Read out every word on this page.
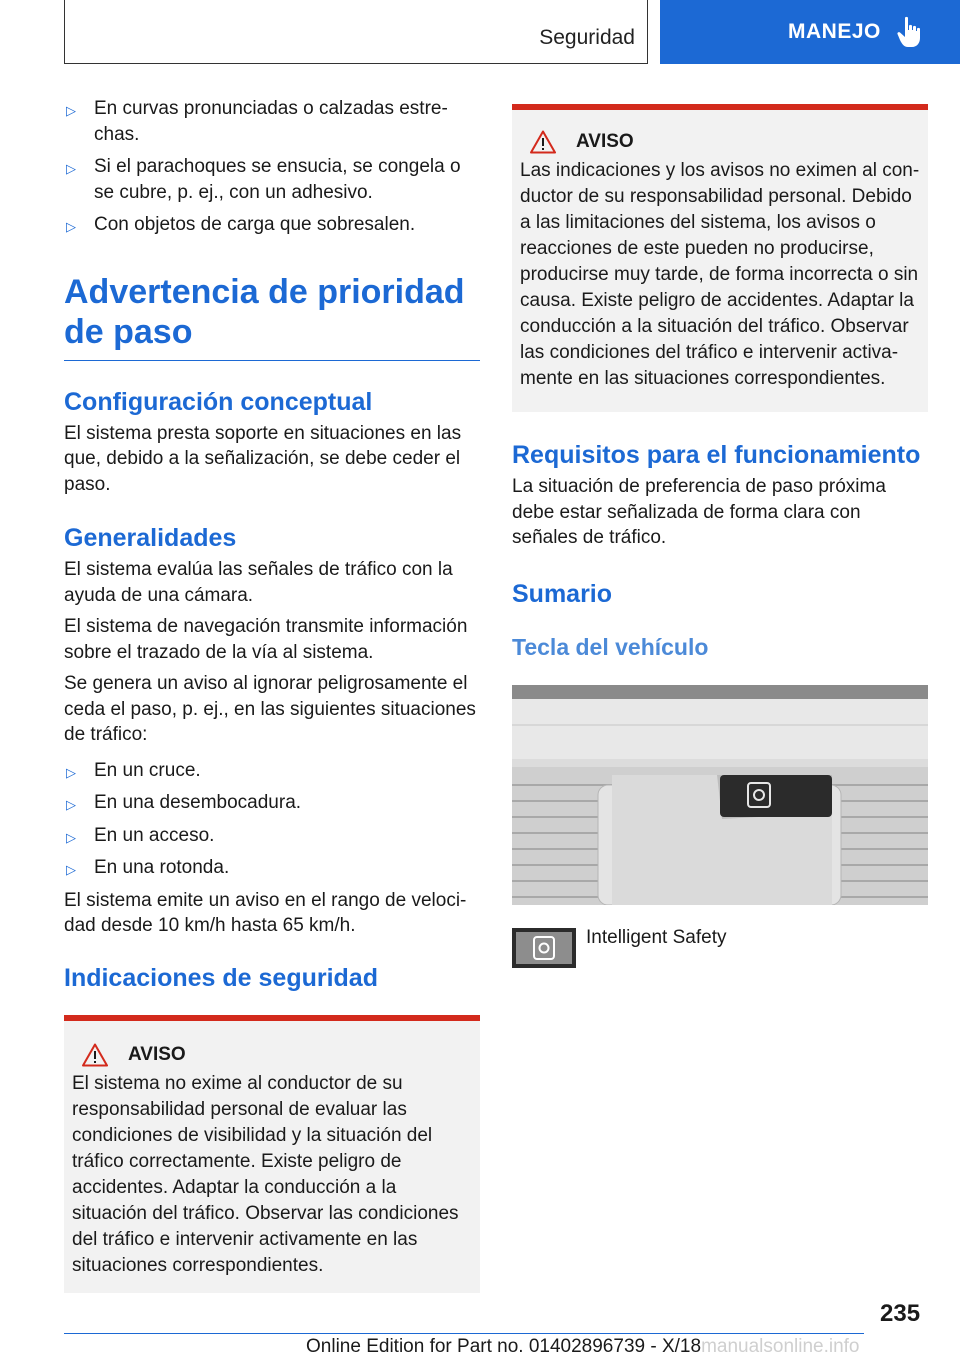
Seguridad	MANEJO
▷ En curvas pronunciadas o calzadas estrechas.
▷ Si el parachoques se ensucia, se congela o se cubre, p. ej., con un adhesivo.
▷ Con objetos de carga que sobresalen.
Advertencia de prioridad de paso
Configuración conceptual

El sistema presta soporte en situaciones en las que, debido a la señalización, se debe ceder el paso.

Generalidades

El sistema evalúa las señales de tráfico con la ayuda de una cámara.

El sistema de navegación transmite información sobre el trazado de la vía al sistema.

Se genera un aviso al ignorar peligrosamente el ceda el paso, p. ej., en las siguientes situaciones de tráfico:

▷ En un cruce.
▷ En una desembocadura.
▷ En un acceso.
▷ En una rotonda.

El sistema emite un aviso en el rango de velocidad desde 10 km/h hasta 65 km/h.

Indicaciones de seguridad
AVISO

El sistema no exime al conductor de su responsabilidad personal de evaluar las condiciones de visibilidad y la situación del tráfico correctamente. Existe peligro de accidentes. Adaptar la conducción a la situación del tráfico. Observar las condiciones del tráfico e intervenir activamente en las situaciones correspondientes.

AVISO

Las indicaciones y los avisos no eximen al conductor de su responsabilidad personal. Debido a las limitaciones del sistema, los avisos o reacciones de este pueden no producirse, producirse muy tarde, de forma incorrecta o sin causa. Existe peligro de accidentes. Adaptar la conducción a la situación del tráfico. Observar las condiciones del tráfico e intervenir activamente en las situaciones correspondientes.

Requisitos para el funcionamiento

La situación de preferencia de paso próxima debe estar señalizada de forma clara con señales de tráfico.

Sumario
Tecla del vehículo
Intelligent Safety
235
Online Edition for Part no. 01402896739 - X/18manualsonline.info
